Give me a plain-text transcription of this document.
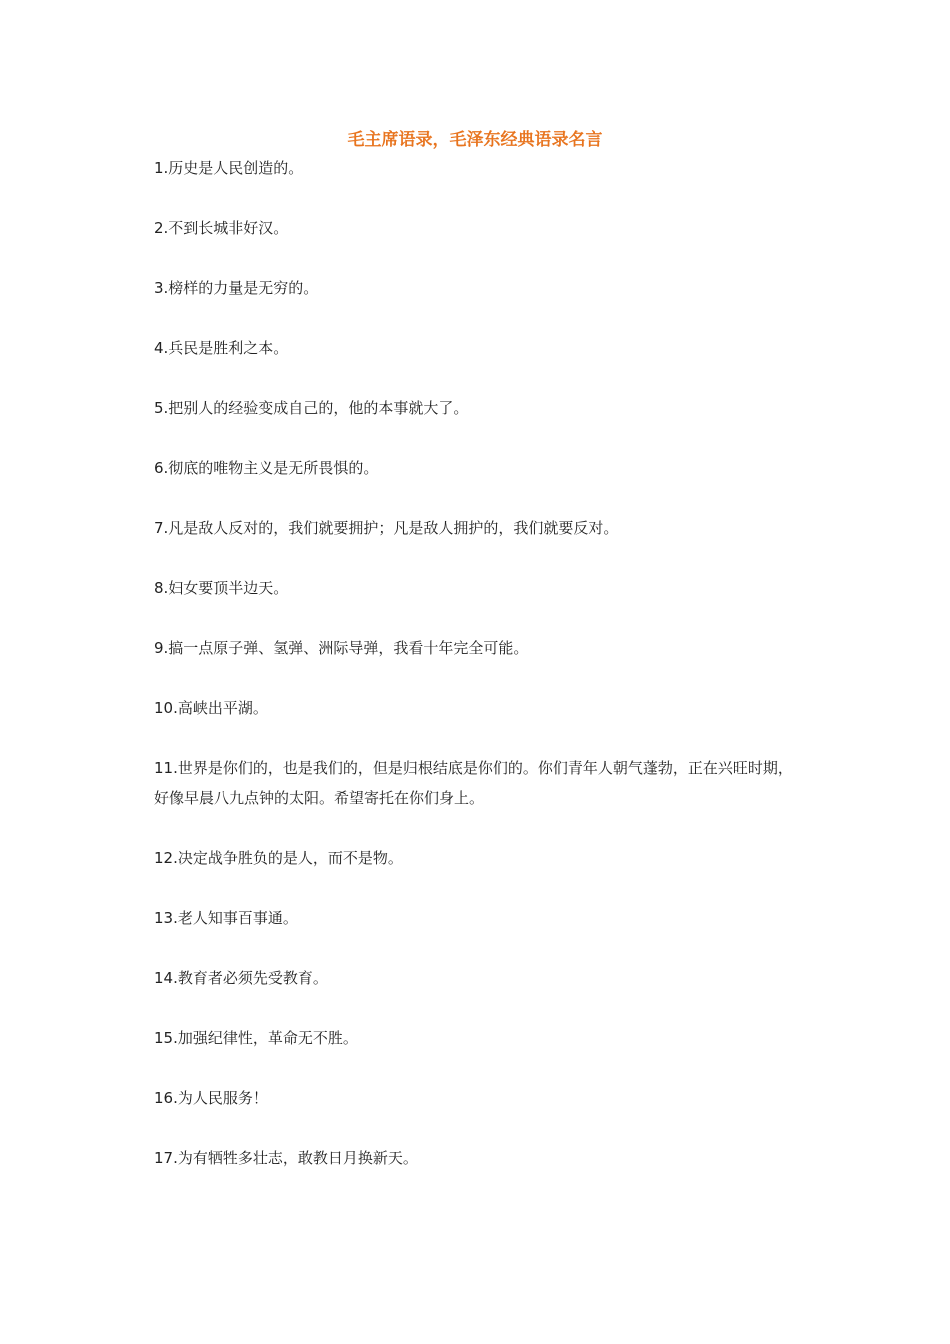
毛主席语录，毛泽东经典语录名言
1.历史是人民创造的。
2.不到长城非好汉。
3.榜样的力量是无穷的。
4.兵民是胜利之本。
5.把别人的经验变成自己的，他的本事就大了。
6.彻底的唯物主义是无所畏惧的。
7.凡是敌人反对的，我们就要拥护；凡是敌人拥护的，我们就要反对。
8.妇女要顶半边天。
9.搞一点原子弹、氢弹、洲际导弹，我看十年完全可能。
10.高峡出平湖。
11.世界是你们的，也是我们的，但是归根结底是你们的。你们青年人朝气蓬勃，正在兴旺时期，好像早晨八九点钟的太阳。希望寄托在你们身上。
12.决定战争胜负的是人，而不是物。
13.老人知事百事通。
14.教育者必须先受教育。
15.加强纪律性，革命无不胜。
16.为人民服务！
17.为有牺牲多壮志，敢教日月换新天。
